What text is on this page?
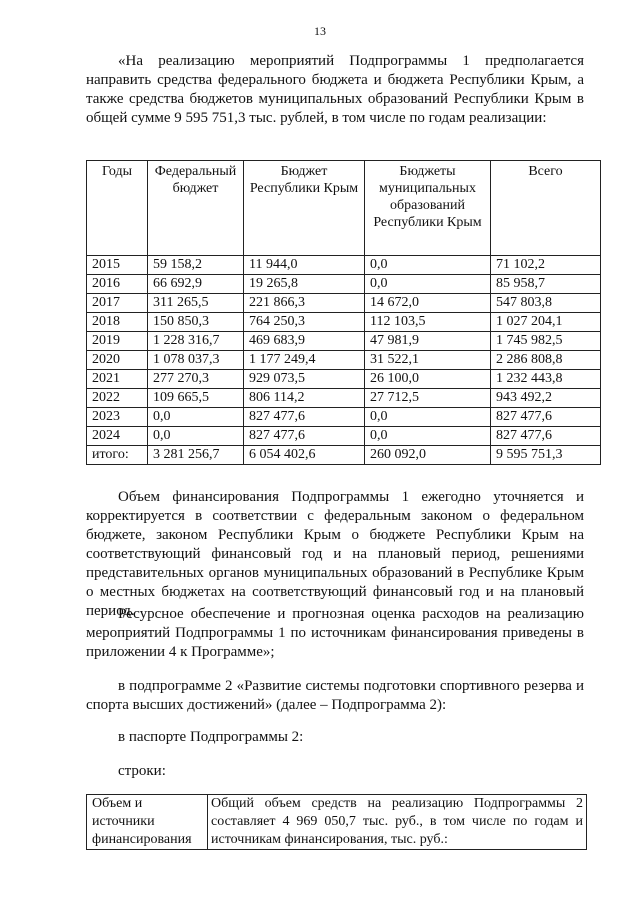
13

«На реализацию мероприятий Подпрограммы 1 предполагается направить средства федерального бюджета и бюджета Республики Крым, а также средства бюджетов муниципальных образований Республики Крым в общей сумме 9 595 751,3 тыс. рублей, в том числе по годам реализации:

Годы	Федеральный бюджет	Бюджет Республики Крым	Бюджеты муниципальных образований Республики Крым	Всего
2015	59 158,2	11 944,0	0,0	71 102,2
2016	66 692,9	19 265,8	0,0	85 958,7
2017	311 265,5	221 866,3	14 672,0	547 803,8
2018	150 850,3	764 250,3	112 103,5	1 027 204,1
2019	1 228 316,7	469 683,9	47 981,9	1 745 982,5
2020	1 078 037,3	1 177 249,4	31 522,1	2 286 808,8
2021	277 270,3	929 073,5	26 100,0	1 232 443,8
2022	109 665,5	806 114,2	27 712,5	943 492,2
2023	0,0	827 477,6	0,0	827 477,6
2024	0,0	827 477,6	0,0	827 477,6
итого:	3 281 256,7	6 054 402,6	260 092,0	9 595 751,3

Объем финансирования Подпрограммы 1 ежегодно уточняется и корректируется в соответствии с федеральным законом о федеральном бюджете, законом Республики Крым о бюджете Республики Крым на соответствующий финансовый год и на плановый период, решениями представительных органов муниципальных образований в Республике Крым о местных бюджетах на соответствующий финансовый год и на плановый период.

Ресурсное обеспечение и прогнозная оценка расходов на реализацию мероприятий Подпрограммы 1 по источникам финансирования приведены в приложении 4 к Программе»;

в подпрограмме 2 «Развитие системы подготовки спортивного резерва и спорта высших достижений» (далее – Подпрограмма 2):

в паспорте Подпрограммы 2:

строки:

Объем и источники финансирования	Общий объем средств на реализацию Подпрограммы 2 составляет 4 969 050,7 тыс. руб., в том числе по годам и источникам финансирования, тыс. руб.:
